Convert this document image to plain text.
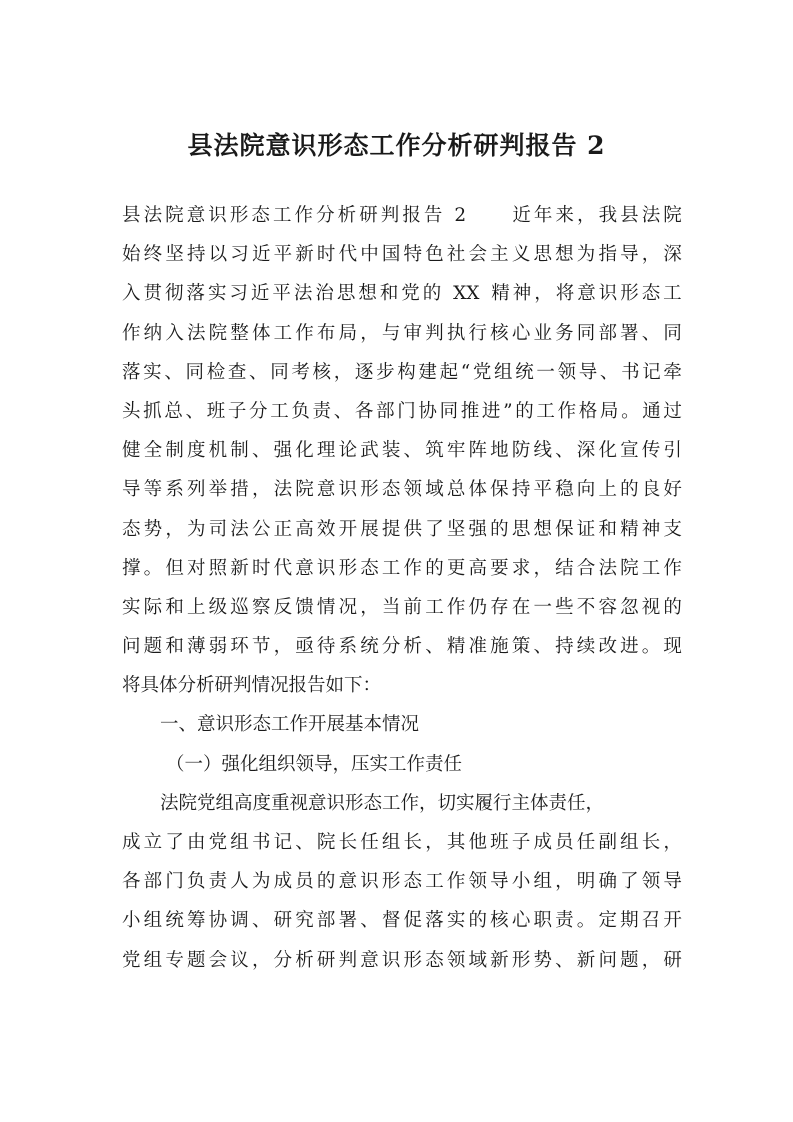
县法院意识形态工作分析研判报告 2
县 法 院 意 识 形 态 工 作 分 析 研 判 报 告
2

　 近 年 来 ， 我 县 法 院
始 终 坚 持 以 习 近 平 新 时 代 中 国 特 色 社 会 主 义 思 想 为 指 导 ， 深
入 贯 彻 落 实 习 近 平 法 治 思 想 和 党 的
XX
精 神 ， 将 意 识 形 态 工
作 纳 入 法 院 整 体 工 作 布 局 ， 与 审 判 执 行 核 心 业 务 同 部 署 、 同
落 实 、 同 检 查 、 同 考 核 ， 逐 步 构 建 起 “ 党 组 统 一 领 导 、 书 记 牵
头 抓 总 、 班 子 分 工 负 责 、 各 部 门 协 同 推 进 ” 的 工 作 格 局 。 通 过
健 全 制 度 机 制 、 强 化 理 论 武 装 、 筑 牢 阵 地 防 线 、 深 化 宣 传 引
导 等 系 列 举 措 ， 法 院 意 识 形 态 领 域 总 体 保 持 平 稳 向 上 的 良 好
态 势 ， 为 司 法 公 正 高 效 开 展 提 供 了 坚 强 的 思 想 保 证 和 精 神 支
撑 。 但 对 照 新 时 代 意 识 形 态 工 作 的 更 高 要 求 ， 结 合 法 院 工 作
实 际 和 上 级 巡 察 反 馈 情 况 ， 当 前 工 作 仍 存 在 一 些 不 容 忽 视 的
问 题 和 薄 弱 环 节 ， 亟 待 系 统 分 析 、 精 准 施 策 、 持 续 改 进 。 现
将具体分析研判情况报告如下：
一、意识形态工作开展基本情况
（一）强化组织领导，压实工作责任
法院党组高度重视意识形态工作，切实履行主体责任，
成 立 了 由 党 组 书 记 、 院 长 任 组 长 ， 其 他 班 子 成 员 任 副 组 长 ，
各 部 门 负 责 人 为 成 员 的 意 识 形 态 工 作 领 导 小 组 ， 明 确 了 领 导
小 组 统 筹 协 调 、 研 究 部 署 、 督 促 落 实 的 核 心 职 责 。 定 期 召 开
党 组 专 题 会 议 ， 分 析 研 判 意 识 形 态 领 域 新 形 势 、 新 问 题 ， 研
